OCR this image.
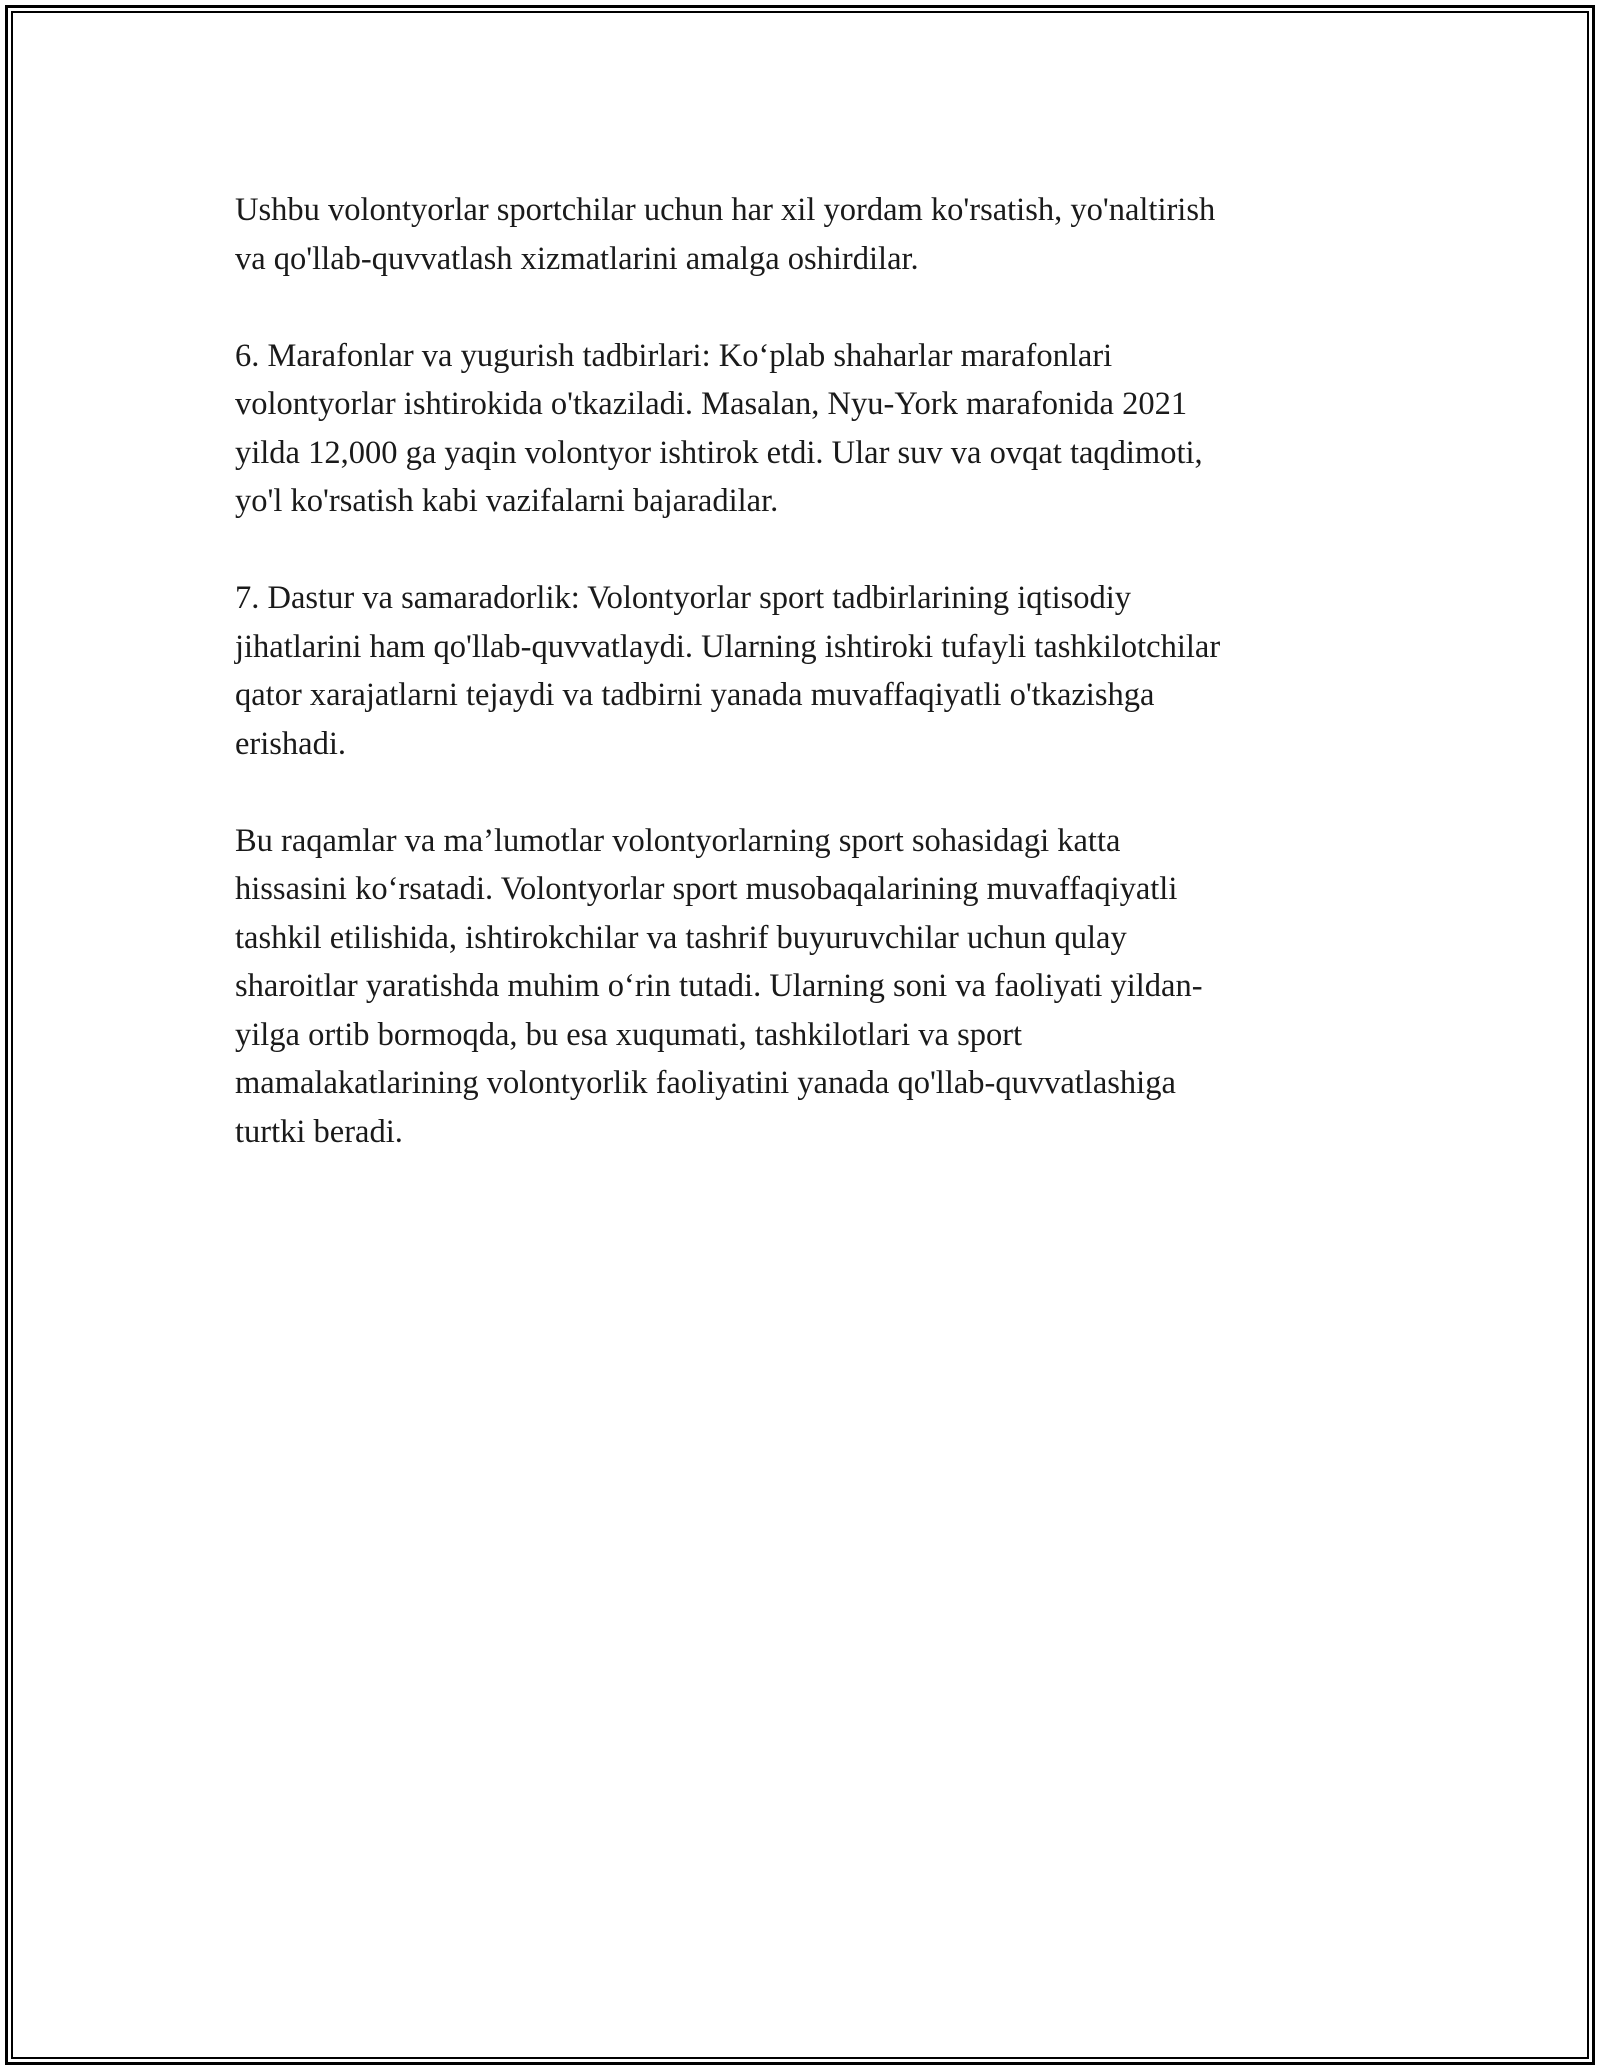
Ushbu volontyorlar sportchilar uchun har xil yordam ko'rsatish, yo'naltirish
va qo'llab-quvvatlash xizmatlarini amalga oshirdilar.

6. Marafonlar va yugurish tadbirlari: Koʻplab shaharlar marafonlari
volontyorlar ishtirokida o'tkaziladi. Masalan, Nyu-York marafonida 2021
yilda 12,000 ga yaqin volontyor ishtirok etdi. Ular suv va ovqat taqdimoti,
yo'l ko'rsatish kabi vazifalarni bajaradilar.

7. Dastur va samaradorlik: Volontyorlar sport tadbirlarining iqtisodiy
jihatlarini ham qo'llab-quvvatlaydi. Ularning ishtiroki tufayli tashkilotchilar
qator xarajatlarni tejaydi va tadbirni yanada muvaffaqiyatli o'tkazishga
erishadi.

Bu raqamlar va ma’lumotlar volontyorlarning sport sohasidagi katta
hissasini koʻrsatadi. Volontyorlar sport musobaqalarining muvaffaqiyatli
tashkil etilishida, ishtirokchilar va tashrif buyuruvchilar uchun qulay
sharoitlar yaratishda muhim oʻrin tutadi. Ularning soni va faoliyati yildan-
yilga ortib bormoqda, bu esa xuqumati, tashkilotlari va sport
mamalakatlarining volontyorlik faoliyatini yanada qo'llab-quvvatlashiga
turtki beradi.
